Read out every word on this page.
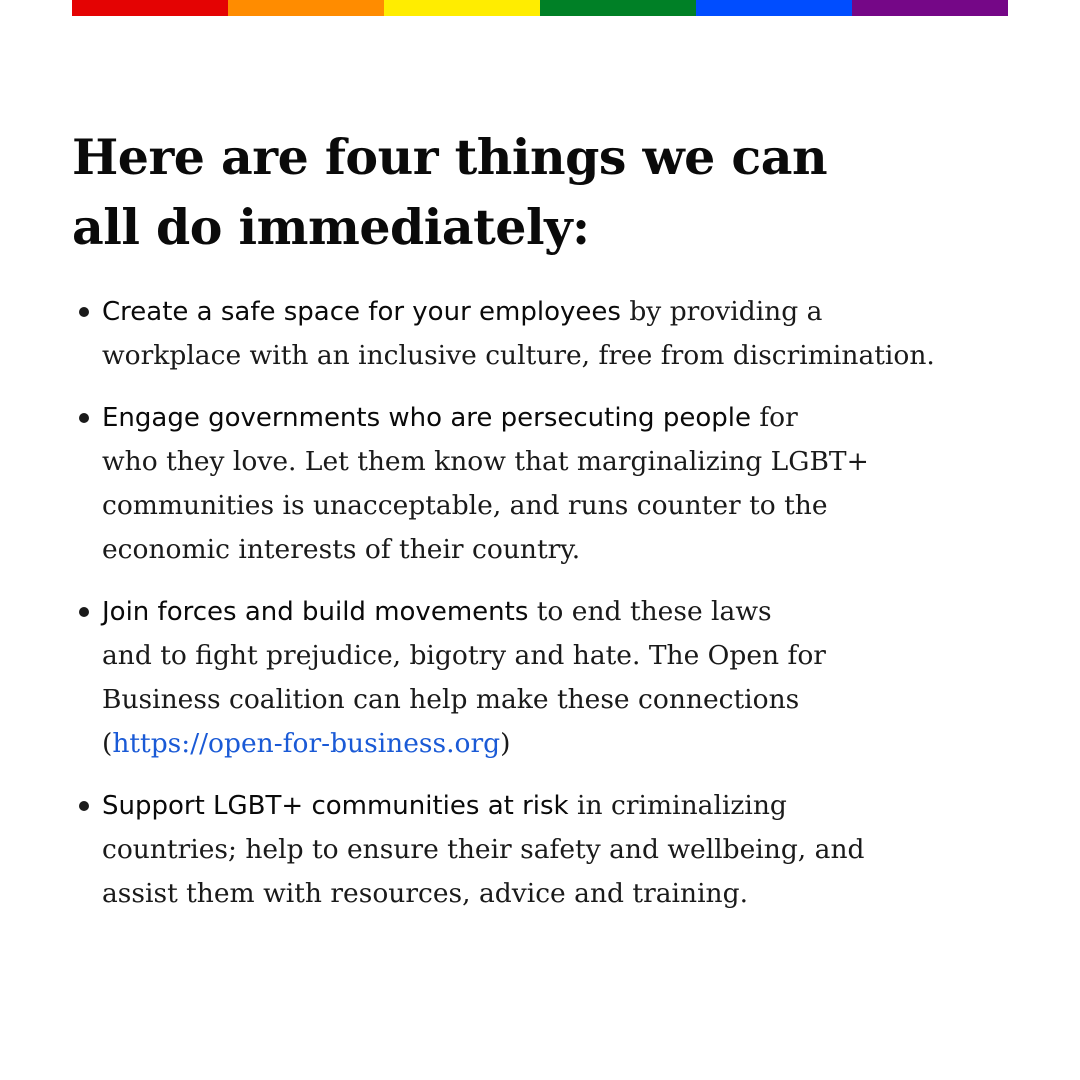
Here are four things we can
all do immediately:
Create a safe space for your employees by providing a
workplace with an inclusive culture, free from discrimination.
Engage governments who are persecuting people for
who they love. Let them know that marginalizing LGBT+
communities is unacceptable, and runs counter to the
economic interests of their country.
Join forces and build movements to end these laws
and to fight prejudice, bigotry and hate. The Open for
Business coalition can help make these connections
(https://open-for-business.org)
Support LGBT+ communities at risk in criminalizing
countries; help to ensure their safety and wellbeing, and
assist them with resources, advice and training.
